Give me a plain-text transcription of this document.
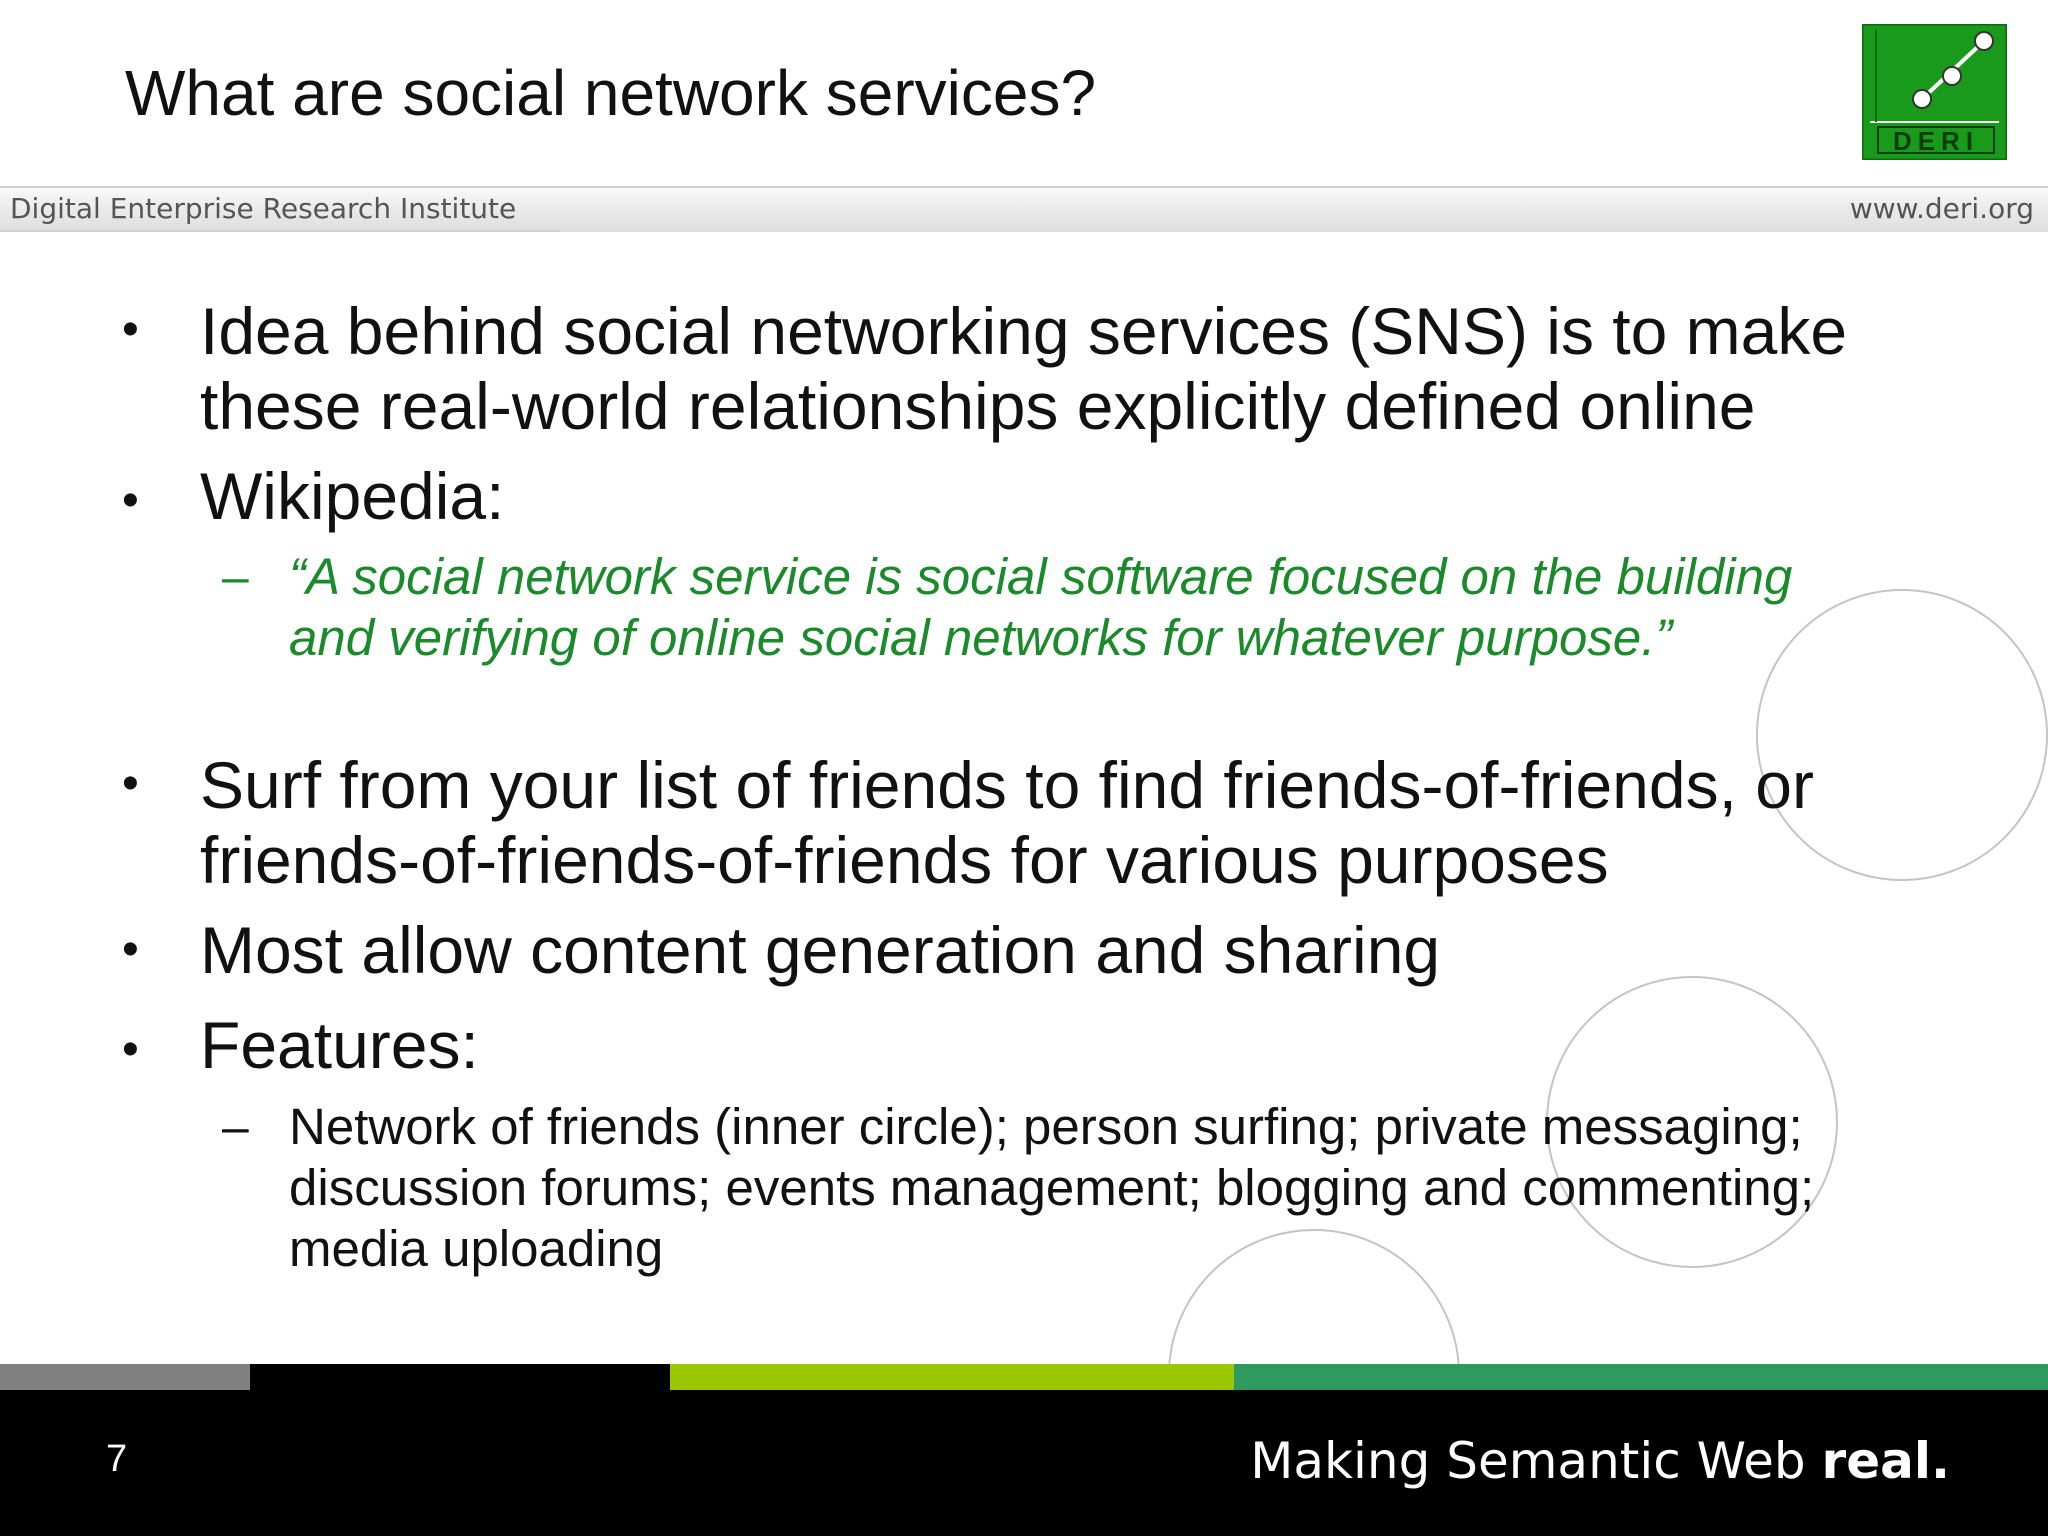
What are social network services?
DERI
Digital Enterprise Research Institute	www.deri.org
• Idea behind social networking services (SNS) is to make these real-world relationships explicitly defined online

• Wikipedia:

– “A social network service is social software focused on the building and verifying of online social networks for whatever purpose.”

• Surf from your list of friends to find friends-of-friends, or friends-of-friends-of-friends for various purposes

• Most allow content generation and sharing

• Features:

– Network of friends (inner circle); person surfing; private messaging; discussion forums; events management; blogging and commenting; media uploading

7	Making Semantic Web real.
